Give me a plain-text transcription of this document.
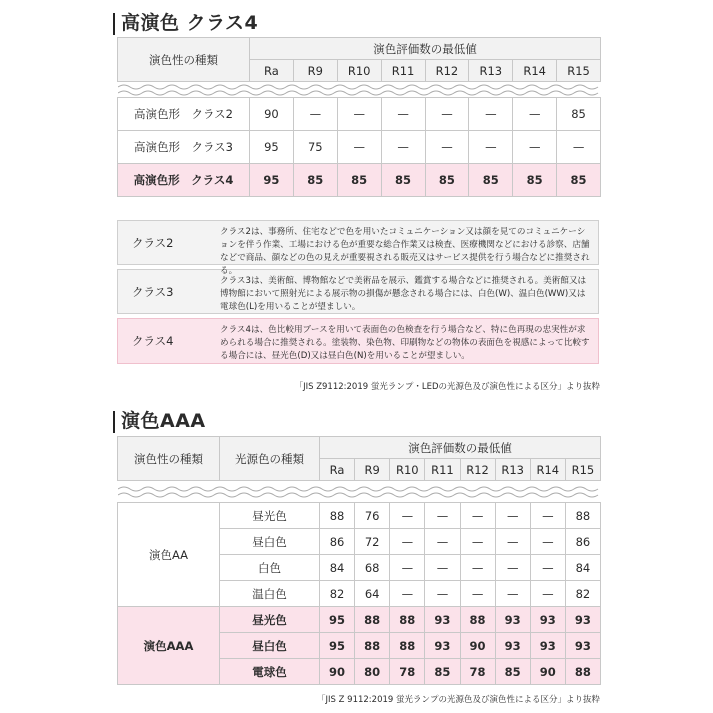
高演色 クラス4
演色性の種類	演色評価数の最低値							
	Ra	R9	R10	R11	R12	R13	R14	R15

高演色形　クラス2	90	—	—	—	—	—	—	85
高演色形　クラス3	95	75	—	—	—	—	—	—
高演色形　クラス4	95	85	85	85	85	85	85	85
クラス2
クラス2は、事務所、住宅などで色を用いたコミュニケーション又は顔を見てのコミュニケーションを伴う作業、工場における色が重要な総合作業又は検査、医療機関などにおける診察、店舗などで商品、顔などの色の見えが重要視される販売又はサービス提供を行う場合などに推奨される。
クラス3
クラス3は、美術館、博物館などで美術品を展示、鑑賞する場合などに推奨される。美術館又は博物館において照射光による展示物の損傷が懸念される場合には、白色(W)、温白色(WW)又は電球色(L)を用いることが望ましい。
クラス4
クラス4は、色比較用ブースを用いて表面色の色検査を行う場合など、特に色再現の忠実性が求められる場合に推奨される。塗装物、染色物、印刷物などの物体の表面色を視感によって比較する場合には、昼光色(D)又は昼白色(N)を用いることが望ましい。
「JIS Z9112:2019 蛍光ランプ・LEDの光源色及び演色性による区分」より抜粋
演色AAA
演色性の種類	光源色の種類	演色評価数の最低値							
		Ra	R9	R10	R11	R12	R13	R14	R15

演色AA	昼光色	88	76	—	—	—	—	—	88
	昼白色	86	72	—	—	—	—	—	86
	白色	84	68	—	—	—	—	—	84
	温白色	82	64	—	—	—	—	—	82
演色AAA	昼光色	95	88	88	93	88	93	93	93
	昼白色	95	88	88	93	90	93	93	93
	電球色	90	80	78	85	78	85	90	88
「JIS Z 9112:2019 蛍光ランプの光源色及び演色性による区分」より抜粋
